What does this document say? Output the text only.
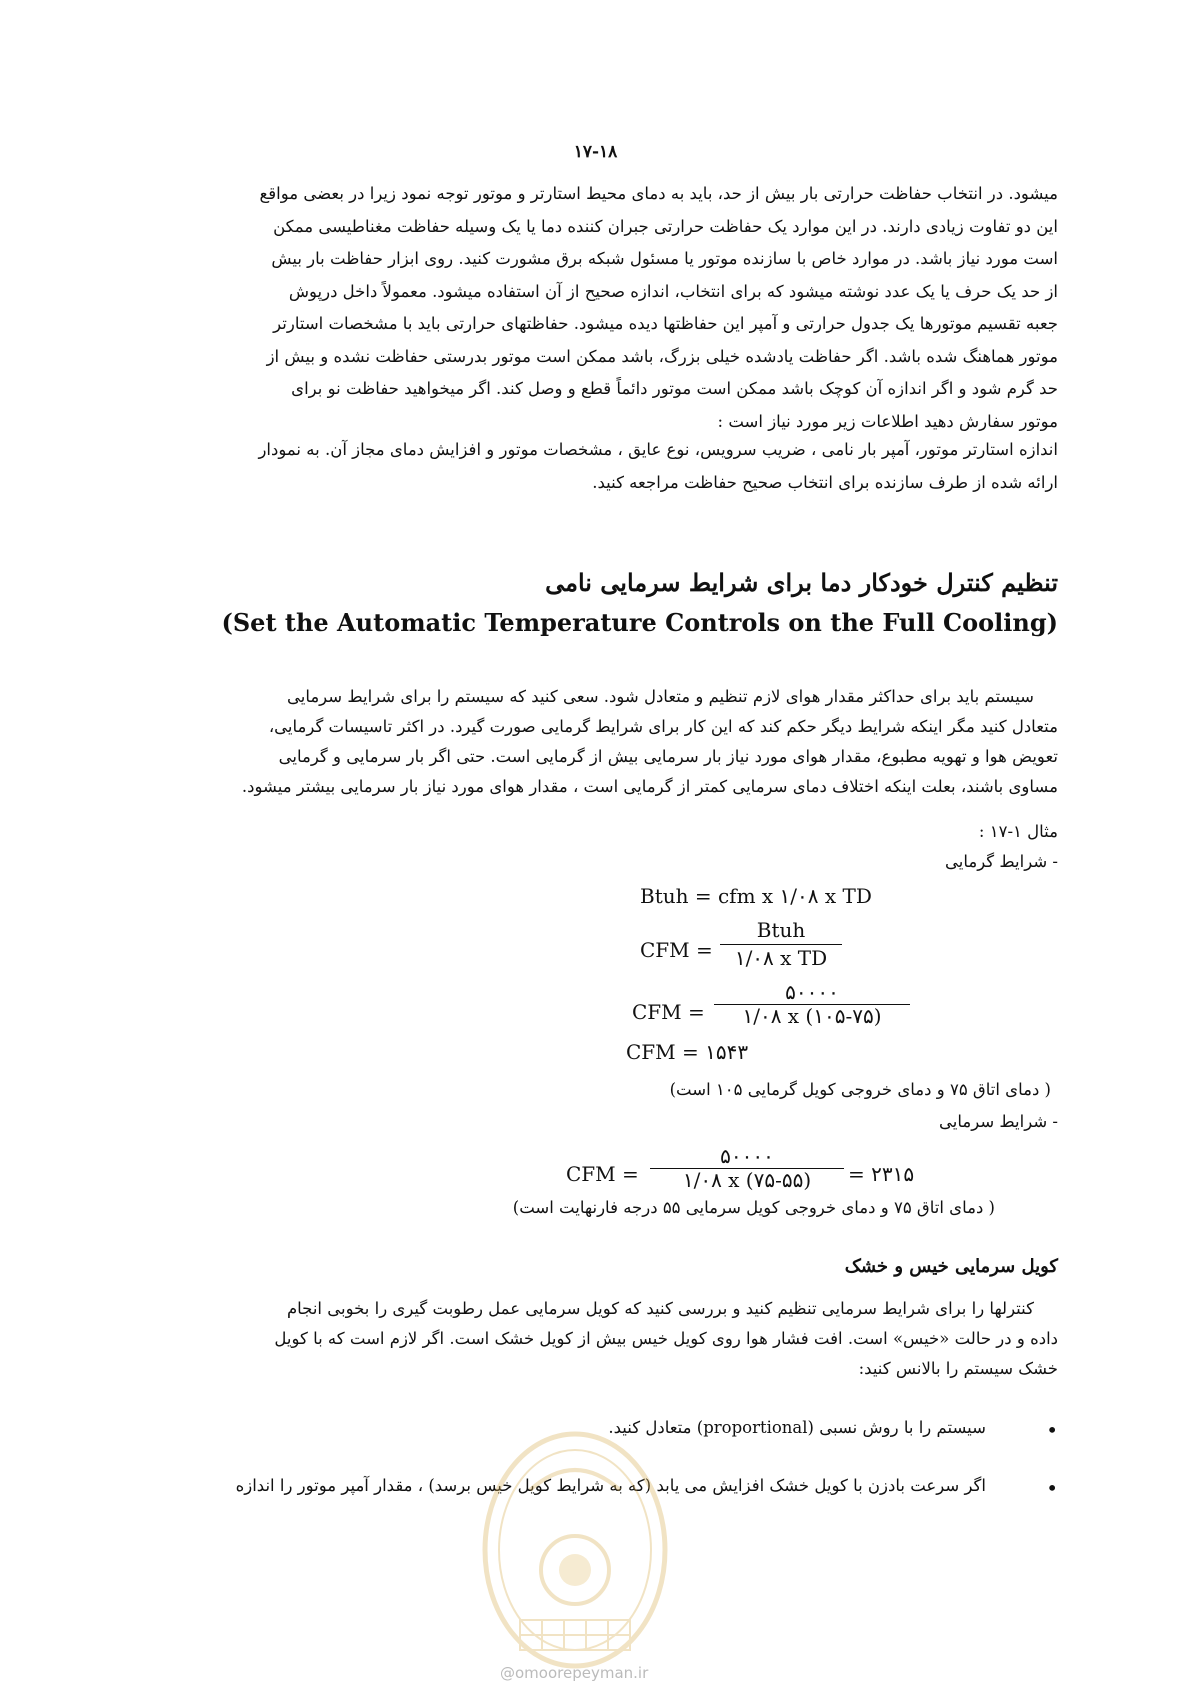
۱۷-۱۸
میشود. در انتخاب حفاظت حرارتی بار بیش از حد، باید به دمای محیط استارتر و موتور توجه نمود زیرا در بعضی مواقع
این دو تفاوت زیادی دارند. در این موارد یک حفاظت حرارتی جبران کننده دما یا یک وسیله حفاظت مغناطیسی ممکن
است مورد نیاز باشد. در موارد خاص با سازنده موتور یا مسئول شبکه برق مشورت کنید. روی ابزار حفاظت بار بیش
از حد یک حرف یا یک عدد نوشته میشود که برای انتخاب، اندازه صحیح از آن استفاده میشود. معمولاً داخل درپوش
جعبه تقسیم موتورها یک جدول حرارتی و آمپر این حفاظتها دیده میشود. حفاظتهای حرارتی باید با مشخصات استارتر
موتور هماهنگ شده باشد. اگر حفاظت یادشده خیلی بزرگ، باشد ممکن است موتور بدرستی حفاظت نشده و بیش از
حد گرم شود و اگر اندازه آن کوچک باشد ممکن است موتور دائماً قطع و وصل کند. اگر میخواهید حفاظت نو برای
موتور سفارش دهید اطلاعات زیر مورد نیاز است :
اندازه استارتر موتور، آمپر بار نامی ، ضریب سرویس، نوع عایق ، مشخصات موتور و افزایش دمای مجاز آن. به نمودار
ارائه شده از طرف سازنده برای انتخاب صحیح حفاظت مراجعه کنید.
تنظیم کنترل خودکار دما برای شرایط سرمایی نامی
(Set the Automatic Temperature Controls on the Full Cooling)
سیستم باید برای حداکثر مقدار هوای لازم تنظیم و متعادل شود. سعی کنید که سیستم را برای شرایط سرمایی
متعادل کنید مگر اینکه شرایط دیگر حکم کند که این کار برای شرایط گرمایی صورت گیرد. در اکثر تاسیسات گرمایی،
تعویض هوا و تهویه مطبوع، مقدار هوای مورد نیاز بار سرمایی بیش از گرمایی است. حتی اگر بار سرمایی و گرمایی
مساوی باشند، بعلت اینکه اختلاف دمای سرمایی کمتر از گرمایی است ، مقدار هوای مورد نیاز بار سرمایی بیشتر میشود.
مثال ۱-۱۷ :
- شرایط گرمایی
Btuh = cfm x ۱/۰۸ x TD
CFM =
Btuh
۱/۰۸ x TD
CFM =
۵۰۰۰۰
۱/۰۸ x (۱۰۵-۷۵)
CFM = ۱۵۴۳
( دمای اتاق ۷۵ و دمای خروجی کویل گرمایی ۱۰۵ است)
- شرایط سرمایی
CFM =
۵۰۰۰۰
۱/۰۸ x (۷۵-۵۵)	= ۲۳۱۵
( دمای اتاق ۷۵ و دمای خروجی کویل سرمایی ۵۵ درجه فارنهایت است)
کویل سرمایی خیس و خشک
کنترلها را برای شرایط سرمایی تنظیم کنید و بررسی کنید که کویل سرمایی عمل رطوبت گیری را بخوبی انجام
داده و در حالت «خیس» است. افت فشار هوا روی کویل خیس بیش از کویل خشک است. اگر لازم است که با کویل
خشک سیستم را بالانس کنید:
•
سیستم را با روش نسبی (proportional) متعادل کنید.
•
اگر سرعت بادزن با کویل خشک افزایش می یابد (که به شرایط کویل خیس برسد) ، مقدار آمپر موتور را اندازه
@omoorepeyman.ir
